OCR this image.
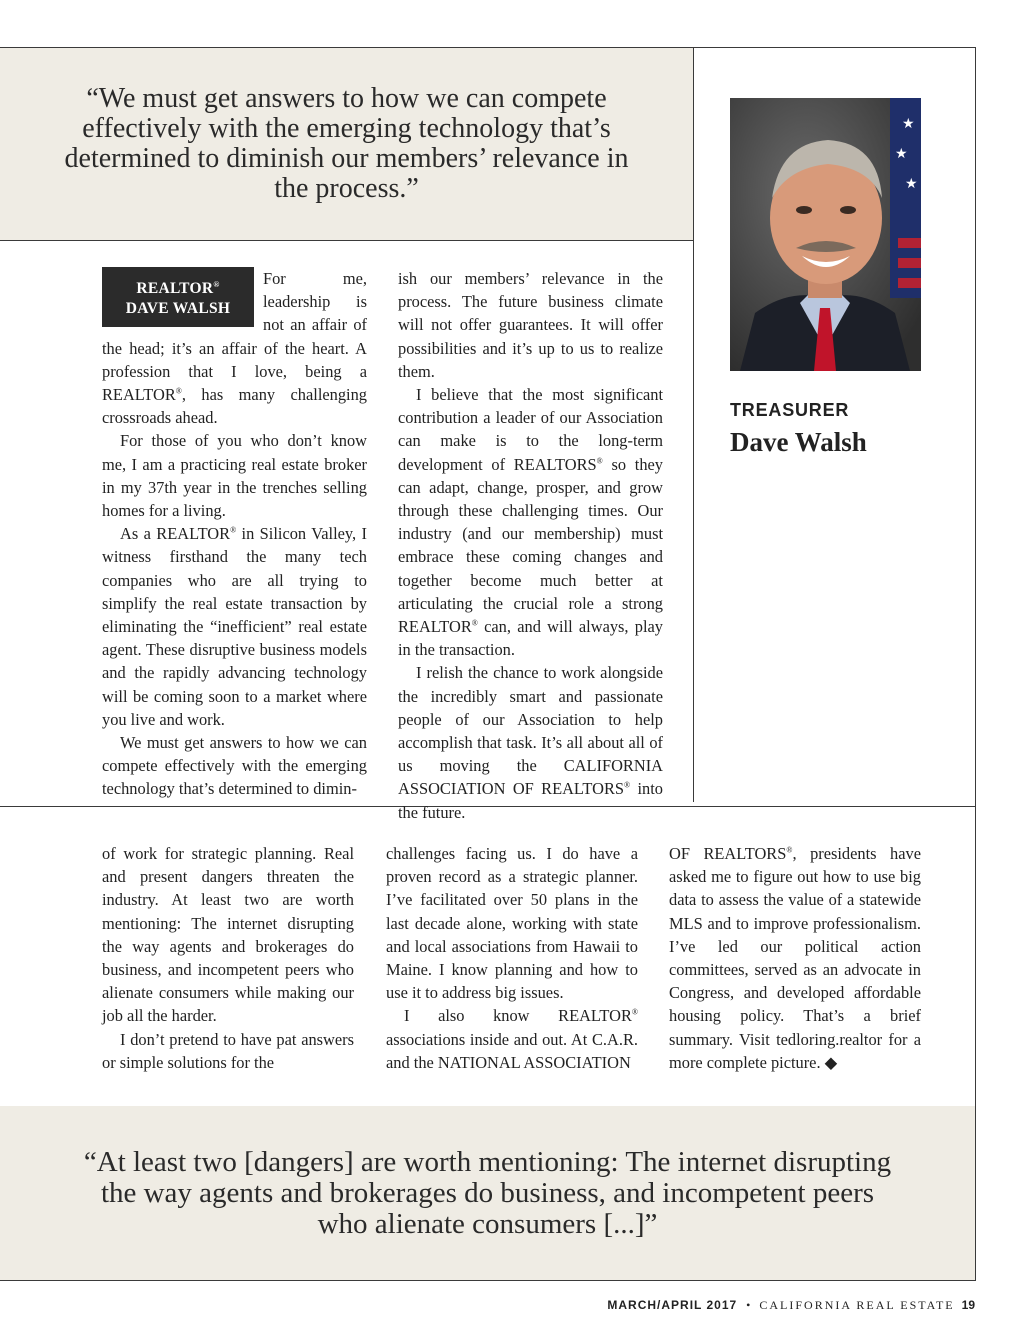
“We must get answers to how we can compete effectively with the emerging technology that’s determined to diminish our members’ relevance in the process.”

REALTOR®
DAVE WALSH

For me, leadership is not an affair of the head; it’s an affair of the heart. A profession that I love, being a REALTOR®, has many challenging crossroads ahead.

For those of you who don’t know me, I am a practicing real estate broker in my 37th year in the trenches selling homes for a living.

As a REALTOR® in Silicon Valley, I witness firsthand the many tech companies who are all trying to simplify the real estate transaction by eliminating the “inefficient” real estate agent. These disruptive business models and the rapidly advancing technology will be coming soon to a market where you live and work.

We must get answers to how we can compete effectively with the emerging technology that’s determined to dimin-

ish our members’ relevance in the process. The future business climate will not offer guarantees. It will offer possibilities and it’s up to us to realize them.

I believe that the most significant contribution a leader of our Association can make is to the long-term development of REALTORS® so they can adapt, change, prosper, and grow through these challenging times. Our industry (and our membership) must embrace these coming changes and together become much better at articulating the crucial role a strong REALTOR® can, and will always, play in the transaction.

I relish the chance to work alongside the incredibly smart and passionate people of our Association to help accomplish that task. It’s all about all of us moving the CALIFORNIA ASSOCIATION OF REALTORS® into the future.

★
★
★
TREASURER
Dave Walsh

of work for strategic planning. Real and present dangers threaten the industry. At least two are worth mentioning: The internet disrupting the way agents and brokerages do business, and incompetent peers who alienate consumers while making our job all the harder.

I don’t pretend to have pat answers or simple solutions for the

challenges facing us. I do have a proven record as a strategic planner. I’ve facilitated over 50 plans in the last decade alone, working with state and local associations from Hawaii to Maine. I know planning and how to use it to address big issues.

I also know REALTOR® associations inside and out. At C.A.R. and the NATIONAL ASSOCIATION

OF REALTORS®, presidents have asked me to figure out how to use big data to assess the value of a statewide MLS and to improve professionalism. I’ve led our political action committees, served as an advocate in Congress, and developed affordable housing policy. That’s a brief summary. Visit tedloring.realtor for a more complete picture. ◆

“At least two [dangers] are worth mentioning: The internet disrupting the way agents and brokerages do business, and incompetent peers who alienate consumers [...]”

MARCH/APRIL 2017 • CALIFORNIA REAL ESTATE 19
